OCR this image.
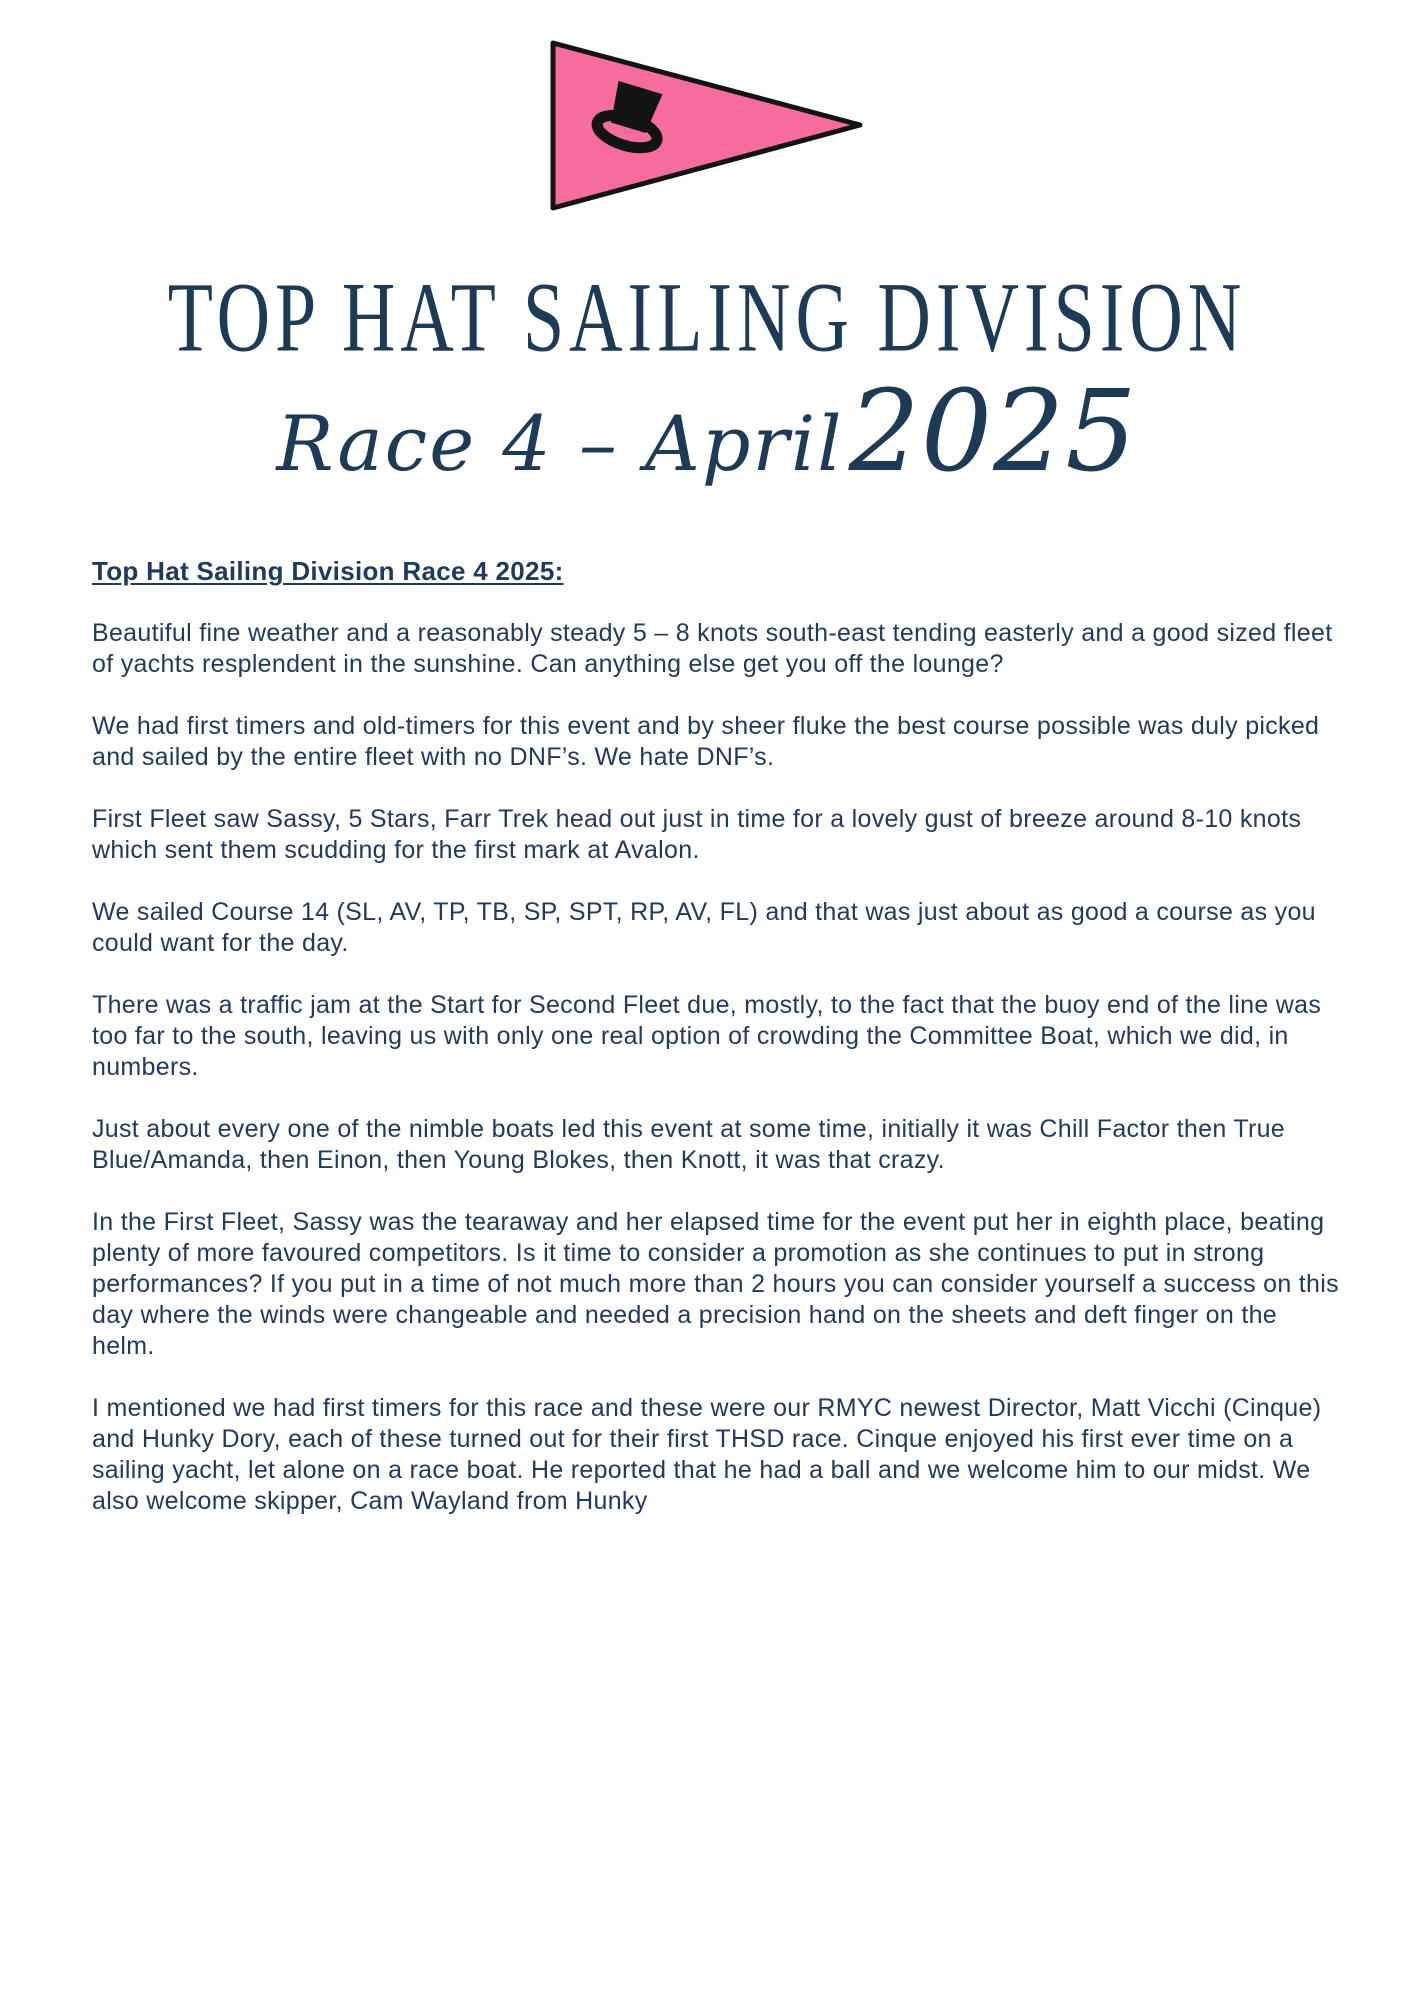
TOP HAT SAILING DIVISION
Race 4 – April 2025
Top Hat Sailing Division Race 4 2025:

Beautiful fine weather and a reasonably steady 5 – 8 knots south-east tending easterly and a good sized fleet of yachts resplendent in the sunshine. Can anything else get you off the lounge?

We had first timers and old-timers for this event and by sheer fluke the best course possible was duly picked and sailed by the entire fleet with no DNF’s. We hate DNF’s.

First Fleet saw Sassy, 5 Stars, Farr Trek head out just in time for a lovely gust of breeze around 8-10 knots which sent them scudding for the first mark at Avalon.

We sailed Course 14 (SL, AV, TP, TB, SP, SPT, RP, AV, FL) and that was just about as good a course as you could want for the day.

There was a traffic jam at the Start for Second Fleet due, mostly, to the fact that the buoy end of the line was too far to the south, leaving us with only one real option of crowding the Committee Boat, which we did, in numbers.

Just about every one of the nimble boats led this event at some time, initially it was Chill Factor then True Blue/Amanda, then Einon, then Young Blokes, then Knott, it was that crazy.

In the First Fleet, Sassy was the tearaway and her elapsed time for the event put her in eighth place, beating plenty of more favoured competitors. Is it time to consider a promotion as she continues to put in strong performances? If you put in a time of not much more than 2 hours you can consider yourself a success on this day where the winds were changeable and needed a precision hand on the sheets and deft finger on the helm.

I mentioned we had first timers for this race and these were our RMYC newest Director, Matt Vicchi (Cinque) and Hunky Dory, each of these turned out for their first THSD race. Cinque enjoyed his first ever time on a sailing yacht, let alone on a race boat. He reported that he had a ball and we welcome him to our midst. We also welcome skipper, Cam Wayland from Hunky
